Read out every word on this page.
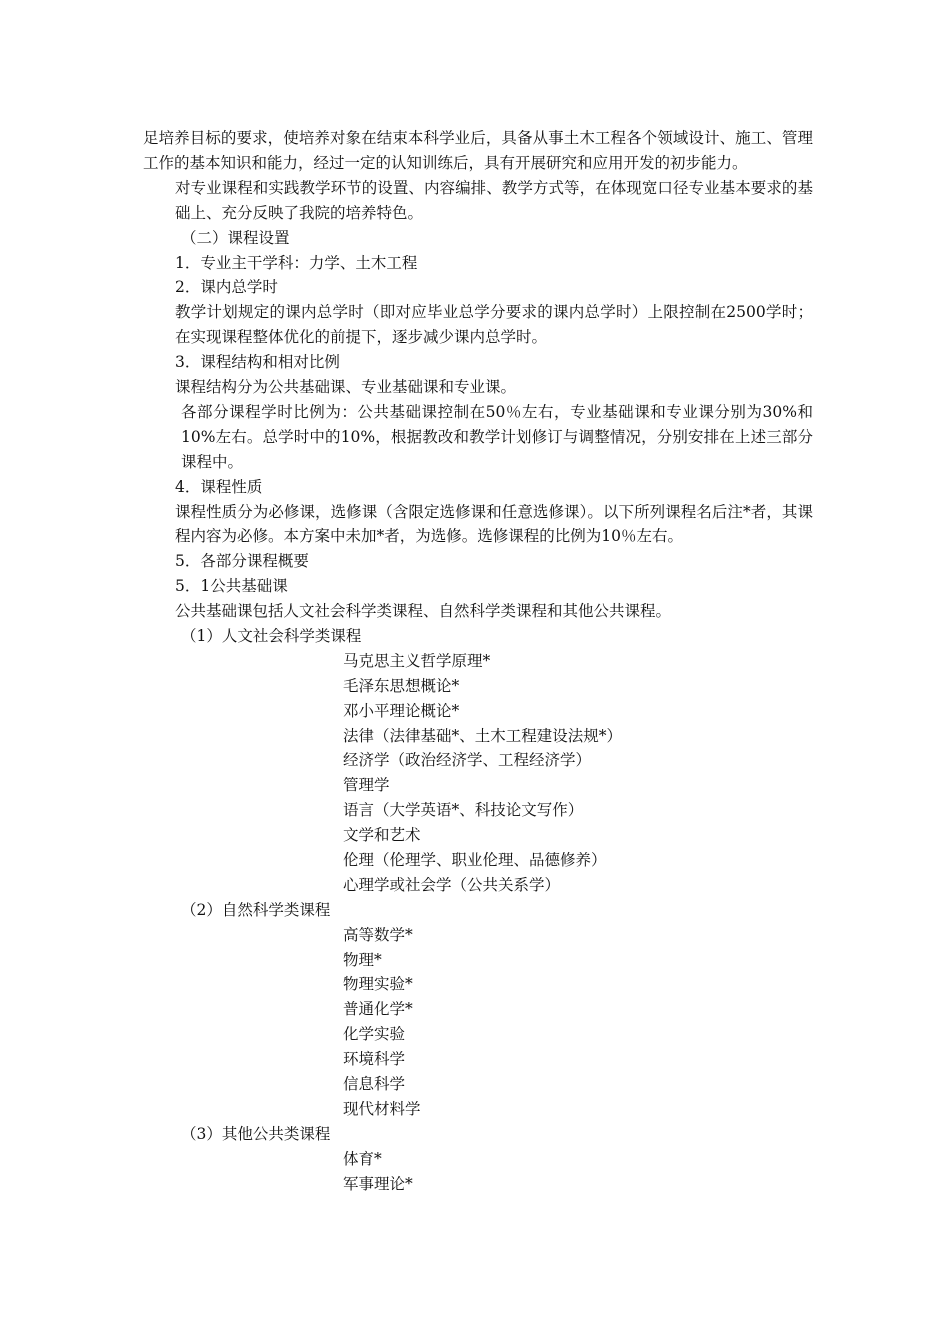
足培养目标的要求，使培养对象在结束本科学业后，具备从事土木工程各个领域设计、施工、管理工作的基本知识和能力，经过一定的认知训练后，具有开展研究和应用开发的初步能力。

对专业课程和实践教学环节的设置、内容编排、教学方式等，在体现宽口径专业基本要求的基础上、充分反映了我院的培养特色。

（二）课程设置

1．专业主干学科：力学、土木工程

2．课内总学时

教学计划规定的课内总学时（即对应毕业总学分要求的课内总学时）上限控制在2500学时；在实现课程整体优化的前提下，逐步减少课内总学时。

3．课程结构和相对比例

课程结构分为公共基础课、专业基础课和专业课。

各部分课程学时比例为：公共基础课控制在50％左右，专业基础课和专业课分别为30%和10%左右。总学时中的10%，根据教改和教学计划修订与调整情况，分别安排在上述三部分课程中。

4．课程性质

课程性质分为必修课，选修课（含限定选修课和任意选修课）。以下所列课程名后注*者，其课程内容为必修。本方案中未加*者，为选修。选修课程的比例为10％左右。

5．各部分课程概要

5．1公共基础课

公共基础课包括人文社会科学类课程、自然科学类课程和其他公共课程。

（1）人文社会科学类课程

马克思主义哲学原理*

毛泽东思想概论*

邓小平理论概论*

法律（法律基础*、土木工程建设法规*）

经济学（政治经济学、工程经济学）

管理学

语言（大学英语*、科技论文写作）

文学和艺术

伦理（伦理学、职业伦理、品德修养）

心理学或社会学（公共关系学）

（2）自然科学类课程

高等数学*

物理*

物理实验*

普通化学*

化学实验

环境科学

信息科学

现代材料学

（3）其他公共类课程

体育*

军事理论*
